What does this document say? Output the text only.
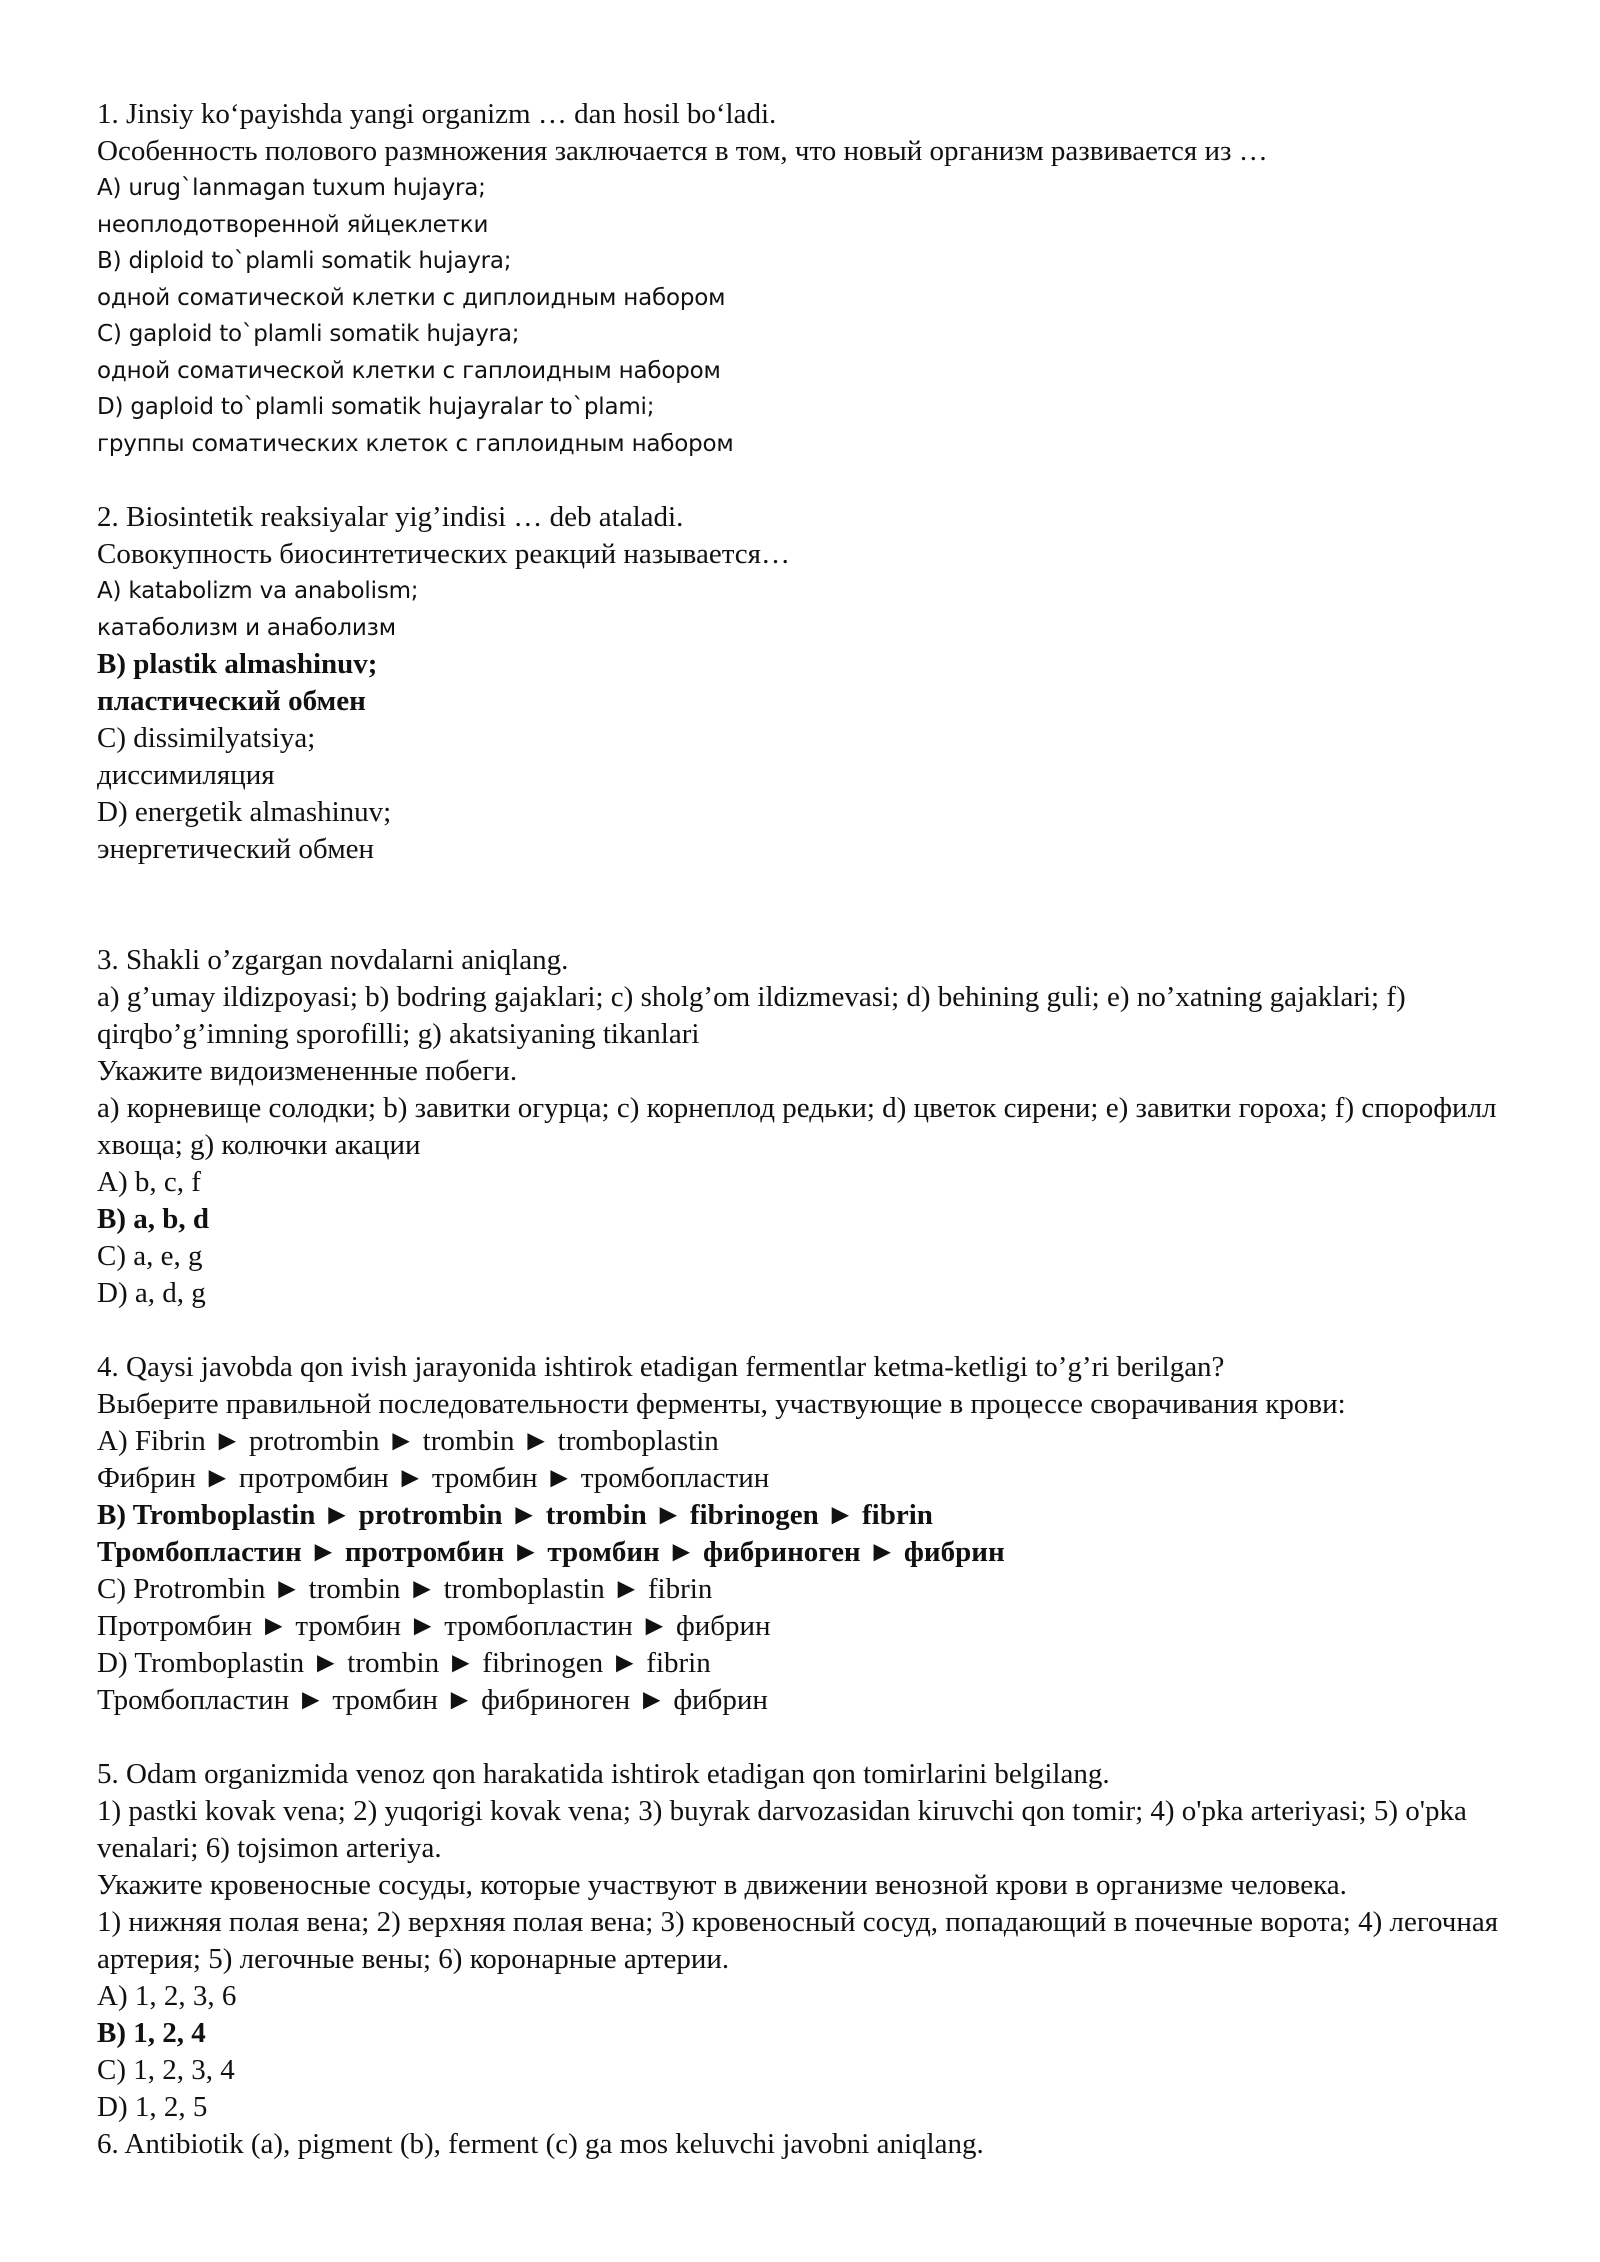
1. Jinsiy ko‘payishda yangi organizm … dan hosil bo‘ladi.
Особенность полового размножения заключается в том, что новый организм развивается из …
A) urug`lanmagan tuxum hujayra;
неоплодотворенной яйцеклетки
B) diploid to`plamli somatik hujayra;
одной соматической клетки с диплоидным набором
C) gaploid to`plamli somatik hujayra;
одной соматической клетки с гаплоидным набором
D) gaploid to`plamli somatik hujayralar to`plami;
группы соматических клеток с гаплоидным набором
2. Biosintetik reaksiyalar yig’indisi … deb ataladi.
Совокупность биосинтетических реакций называется…
A) katabolizm va anabolism;
катаболизм и анаболизм
B) plastik almashinuv;
пластический обмен
C) dissimilyatsiya;
диссимиляция
D) energetik almashinuv;
энергетический обмен
3. Shakli o’zgargan novdalarni aniqlang.
a) g’umay ildizpoyasi; b) bodring gajaklari; c) sholg’om ildizmevasi; d) behining guli; e) no’xatning gajaklari; f) qirqbo’g’imning sporofilli; g) akatsiyaning tikanlari
Укажите видоизмененные побеги.
a) корневище солодки; b) завитки огурца; c) корнеплод редьки; d) цветок сирени; e) завитки гороха; f) спорофилл хвоща; g) колючки акации
A) b, c, f
B) a, b, d
C) a, e, g
D) a, d, g
4. Qaysi javobda qon ivish jarayonida ishtirok etadigan fermentlar ketma-ketligi to’g’ri berilgan?
Выберите правильной последовательности ферменты, участвующие в процессе сворачивания крови:
A) Fibrin ► protrombin ► trombin ► tromboplastin
Фибрин ► протромбин ► тромбин ► тромбопластин
B) Tromboplastin ► protrombin ► trombin ► fibrinogen ► fibrin
Тромбопластин ► протромбин ► тромбин ► фибриноген ► фибрин
C) Protrombin ► trombin ► tromboplastin ► fibrin
Протромбин ► тромбин ► тромбопластин ► фибрин
D) Tromboplastin ► trombin ► fibrinogen ► fibrin
Тромбопластин ► тромбин ► фибриноген ► фибрин
5. Odam organizmida venoz qon harakatida ishtirok etadigan qon tomirlarini belgilang.
1) pastki kovak vena; 2) yuqorigi kovak vena; 3) buyrak darvozasidan kiruvchi qon tomir; 4) o'pka arteriyasi; 5) o'pka venalari; 6) tojsimon arteriya.
Укажите кровеносные сосуды, которые участвуют в движении венозной крови в организме человека.
1) нижняя полая вена; 2) верхняя полая вена; 3) кровеносный сосуд, попадающий в почечные ворота; 4) легочная артерия; 5) легочные вены; 6) коронарные артерии.
A) 1, 2, 3, 6
B) 1, 2, 4
C) 1, 2, 3, 4
D) 1, 2, 5
6. Antibiotik (a), pigment (b), ferment (c) ga mos keluvchi javobni aniqlang.
